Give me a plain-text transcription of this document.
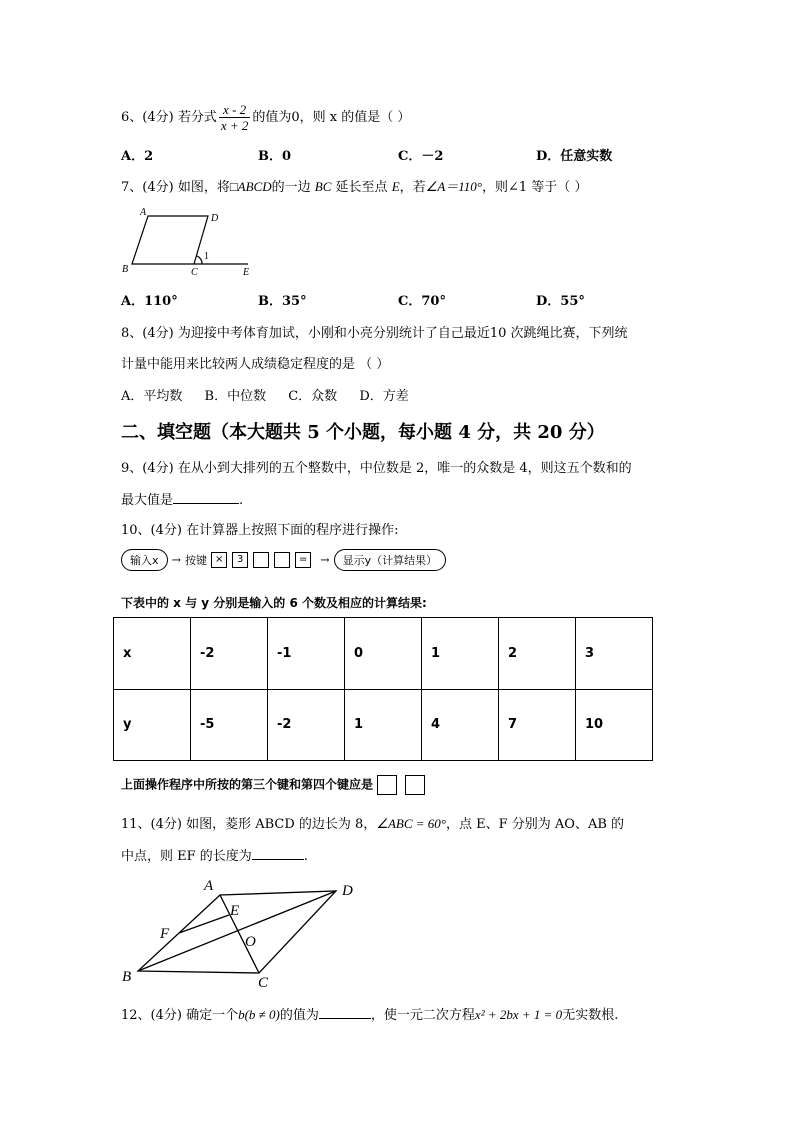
6、(4分) 若分式 $\frac{x - 2}{x + 2}$ 的值为0，则 x 的值是（ ）
A．2	B．0	C．－2	D．任意实数
7、(4分) 如图，将□ABCD的一边 BC 延长至点 E，若∠A＝110°，则∠1 等于（ ）
A
D
B	C	E
1
A．110°	B．35°	C．70°	D．55°
8、(4分) 为迎接中考体育加试，小刚和小亮分别统计了自己最近10 次跳绳比赛，下列统
计量中能用来比较两人成绩稳定程度的是 （ ）
A．平均数 B．中位数 C．众数 D．方差
二、填空题（本大题共 5 个小题，每小题 4 分，共 20 分）
9、(4分) 在从小到大排列的五个整数中，中位数是 2，唯一的众数是 4，则这五个数和的
最大值是	.
10、(4分) 在计算器上按照下面的程序进行操作:
输入x → 按键 × 3	= → 显示y（计算结果）
下表中的 x 与 y 分别是输入的 6 个数及相应的计算结果:
x	-2	-1	0	1	2	3
y	-5	-2	1	4	7	10
上面操作程序中所按的第三个键和第四个键应是
11、(4分) 如图，菱形 ABCD 的边长为 8，∠ABC = 60°，点 E、F 分别为 AO、AB 的
中点，则 EF 的长度为	.
A	D
E
F	O
B	C
12、(4分) 确定一个b(b ≠ 0)的值为	，使一元二次方程x² + 2bx + 1 = 0无实数根.
